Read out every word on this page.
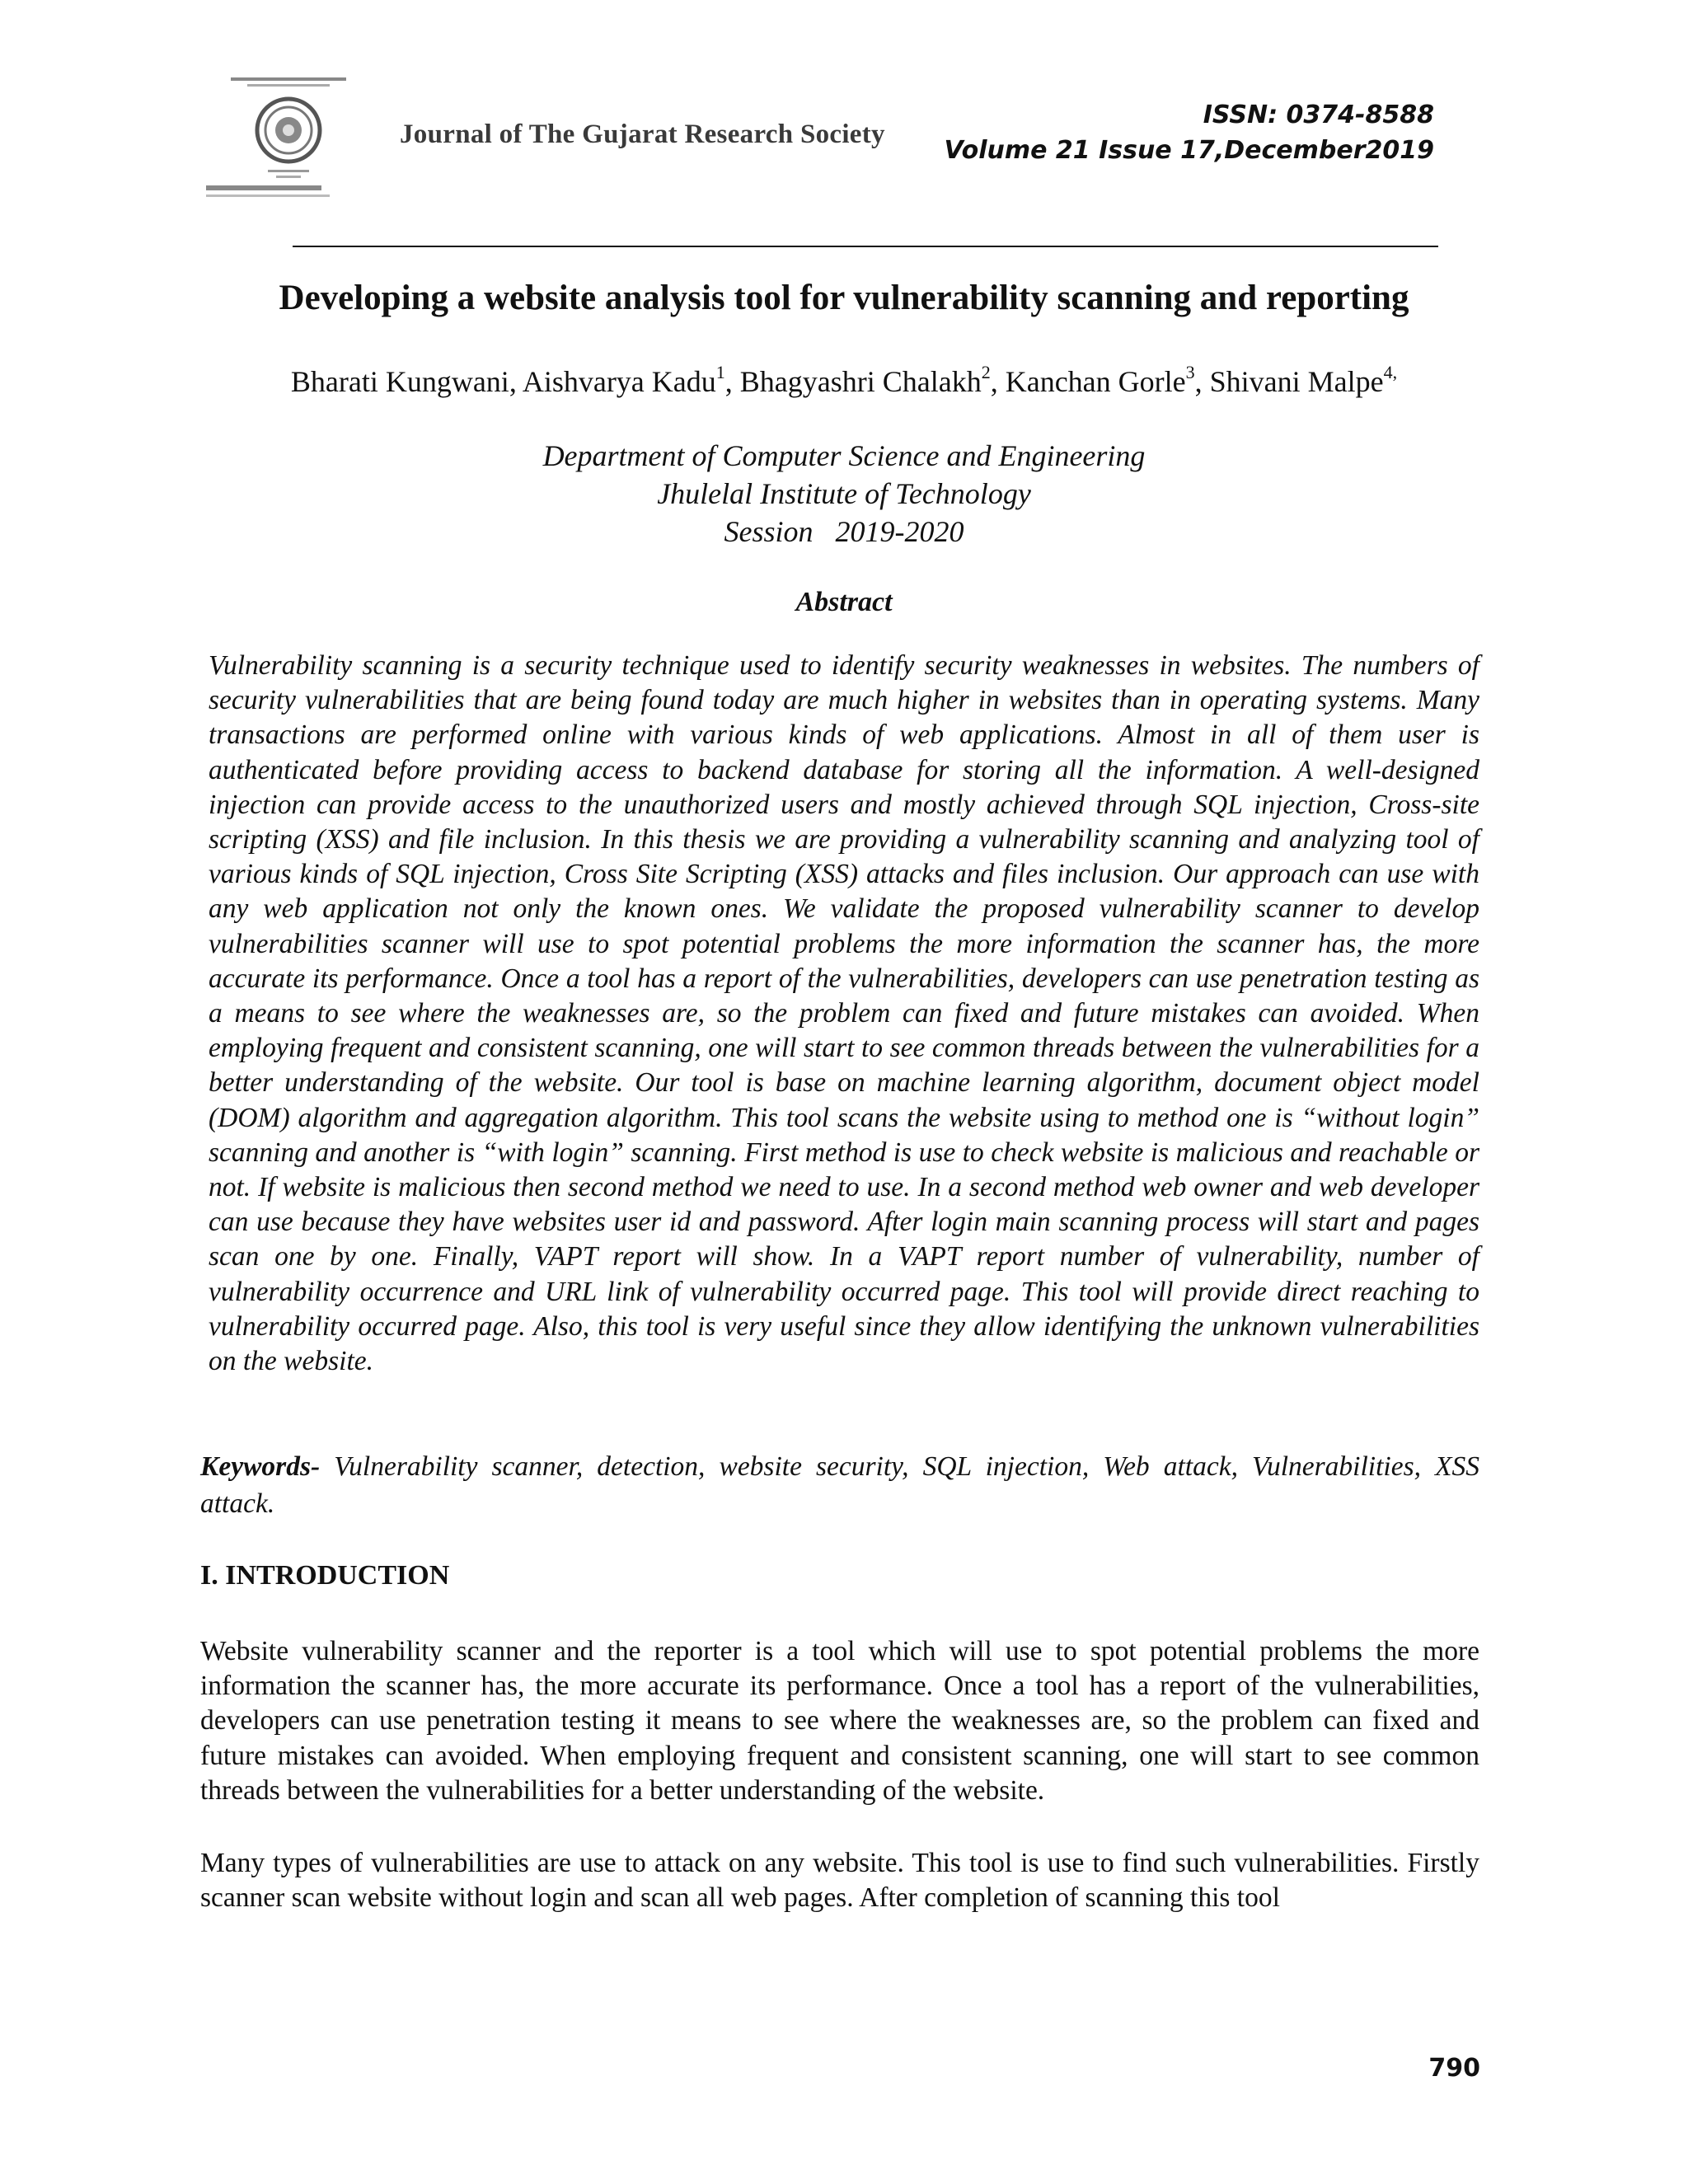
Journal of The Gujarat Research Society
ISSN: 0374-8588
Volume 21 Issue 17,December2019
Developing a website analysis tool for vulnerability scanning and reporting
Bharati Kungwani, Aishvarya Kadu$^1$, Bhagyashri Chalakh$^2$, Kanchan Gorle$^3$, Shivani Malpe$^{4,}$
Department of Computer Science and Engineering
Jhulelal Institute of Technology
Session   2019-2020
Abstract

Vulnerability scanning is a security technique used to identify security weaknesses in websites. The numbers of security vulnerabilities that are being found today are much higher in websites than in operating systems. Many transactions are performed online with various kinds of web applications. Almost in all of them user is authenticated before providing access to backend database for storing all the information. A well-designed injection can provide access to the unauthorized users and mostly achieved through SQL injection, Cross-site scripting (XSS) and file inclusion. In this thesis we are providing a vulnerability scanning and analyzing tool of various kinds of SQL injection, Cross Site Scripting (XSS) attacks and files inclusion. Our approach can use with any web application not only the known ones. We validate the proposed vulnerability scanner to develop vulnerabilities scanner will use to spot potential problems the more information the scanner has, the more accurate its performance. Once a tool has a report of the vulnerabilities, developers can use penetration testing as a means to see where the weaknesses are, so the problem can fixed and future mistakes can avoided. When employing frequent and consistent scanning, one will start to see common threads between the vulnerabilities for a better understanding of the website. Our tool is base on machine learning algorithm, document object model (DOM) algorithm and aggregation algorithm. This tool scans the website using to method one is “without login” scanning and another is “with login” scanning. First method is use to check website is malicious and reachable or not. If website is malicious then second method we need to use. In a second method web owner and web developer can use because they have websites user id and password. After login main scanning process will start and pages scan one by one. Finally, VAPT report will show. In a VAPT report number of vulnerability, number of vulnerability occurrence and URL link of vulnerability occurred page. This tool will provide direct reaching to vulnerability occurred page. Also, this tool is very useful since they allow identifying the unknown vulnerabilities on the website.

Keywords- Vulnerability scanner, detection, website security, SQL injection, Web attack, Vulnerabilities, XSS attack.

I. INTRODUCTION

Website vulnerability scanner and the reporter is a tool which will use to spot potential problems the more information the scanner has, the more accurate its performance. Once a tool has a report of the vulnerabilities, developers can use penetration testing it means to see where the weaknesses are, so the problem can fixed and future mistakes can avoided. When employing frequent and consistent scanning, one will start to see common threads between the vulnerabilities for a better understanding of the website.

Many types of vulnerabilities are use to attack on any website. This tool is use to find such vulnerabilities. Firstly scanner scan website without login and scan all web pages. After completion of scanning this tool

790
